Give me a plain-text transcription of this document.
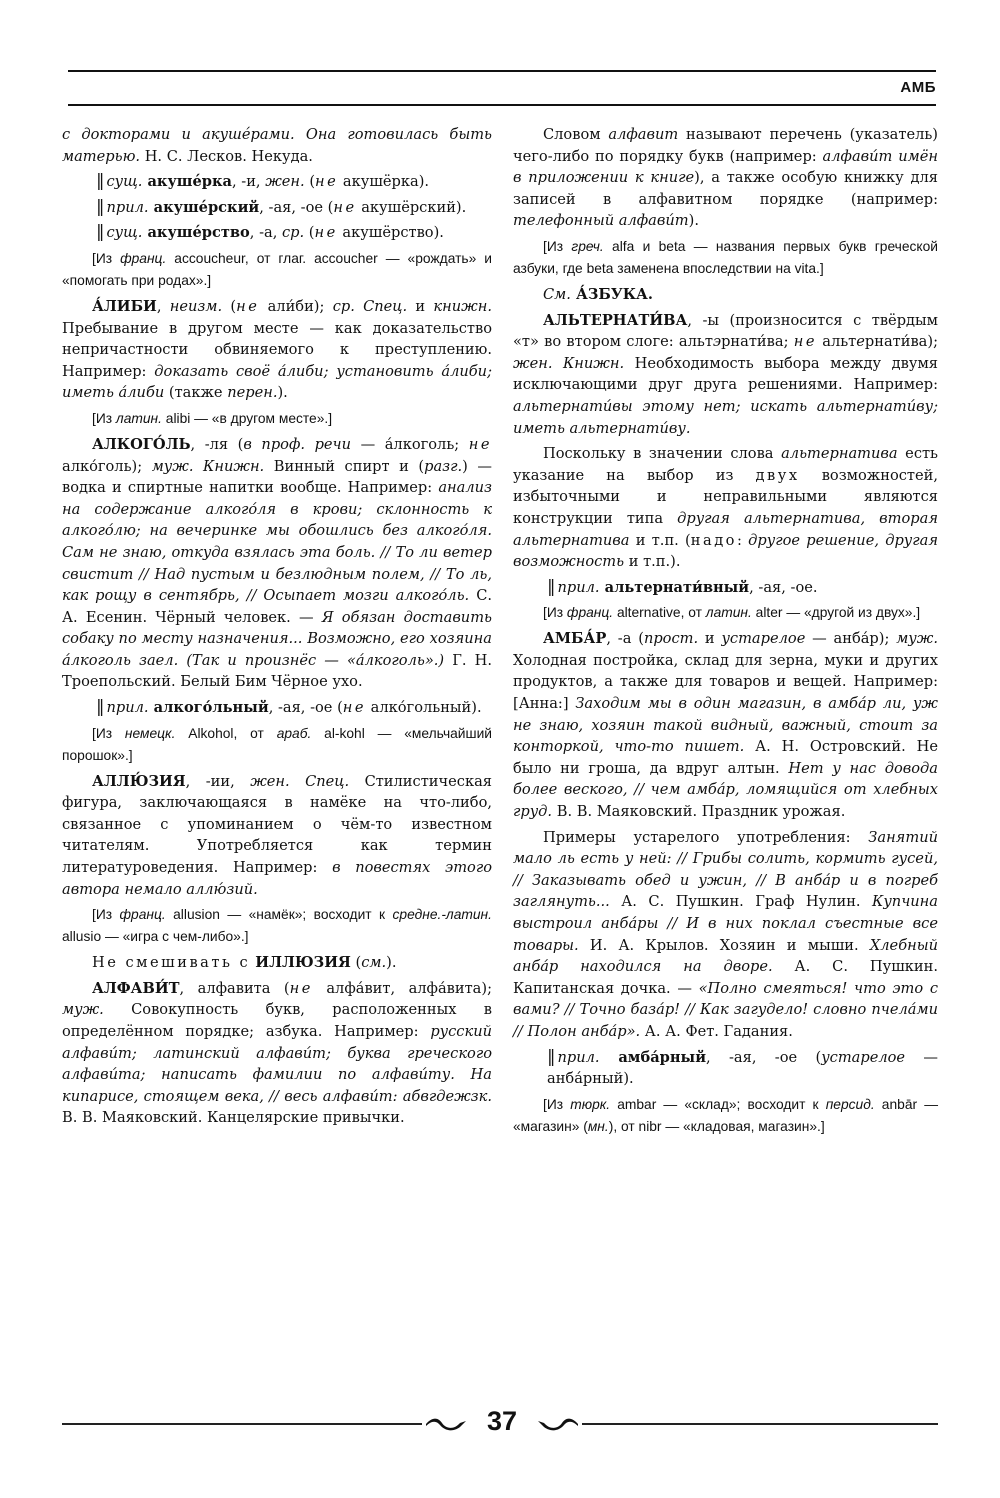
АМБ

с докторами и акушéрами. Она готовилась быть матерью. Н. С. Лесков. Некуда.

‖ сущ. акушéрка, -и, жен. (не акушёрка).

‖ прил. акушéрский, -ая, -ое (не акушёрский).

‖ сущ. акушéрство, -а, ср. (не акушёрство).

[Из франц. accoucheur, от глаг. accoucher — «рождать» и «помогать при родах».]

А́ЛИБИ, неизм. (не али́би); ср. Спец. и книжн. Пребывание в другом месте — как доказательство непричастности обвиняемого к преступлению. Например: доказать своё а́либи; установить а́либи; иметь а́либи (также перен.).

[Из латин. alibi — «в другом месте».]

АЛКОГО́ЛЬ, -ля (в проф. речи — а́лкоголь; не алко́голь); муж. Книжн. Винный спирт и (разг.) — водка и спиртные напитки вообще. Например: анализ на содержание алкого́ля в крови; склонность к алкого́лю; на вечеринке мы обошлись без алкого́ля. Сам не знаю, откуда взялась эта боль. // То ли ветер свистит // Над пустым и безлюдным полем, // То ль, как рощу в сентябрь, // Осыпает мозги алкого́ль. С. А. Есенин. Чёрный человек. — Я обязан доставить собаку по месту назначения... Возможно, его хозяина а́лкоголь заел. (Так и произнёс — «а́лкоголь».) Г. Н. Троепольский. Белый Бим Чёрное ухо.

‖ прил. алкого́льный, -ая, -ое (не алко́гольный).

[Из немецк. Alkohol, от араб. al-kohl — «мельчайший порошок».]

АЛЛЮ́ЗИЯ, -ии, жен. Спец. Стилистическая фигура, заключающаяся в намёке на что-либо, связанное с упоминанием о чём-то известном читателям. Употребляется как термин литературоведения. Например: в повестях этого автора немало аллю́зий.

[Из франц. allusion — «намёк»; восходит к средне.-латин. allusio — «игра с чем-либо».]

Не смешивать с ИЛЛЮЗИЯ (см.).

АЛФАВИ́Т, алфавита (не алфа́вит, алфа́вита); муж. Совокупность букв, расположенных в определённом порядке; азбука. Например: русский алфави́т; латинский алфави́т; буква греческого алфави́та; написать фамилии по алфави́ту. На кипарисе, стоящем века, // весь алфави́т: абвгдежзк. В. В. Маяковский. Канцелярские привычки.

Словом алфавит называют перечень (указатель) чего-либо по порядку букв (например: алфави́т имён в приложении к книге), а также особую книжку для записей в алфавитном порядке (например: телефонный алфави́т).

[Из греч. alfa и beta — названия первых букв греческой азбуки, где beta заменена впоследствии на vita.]

См. А́ЗБУКА.

АЛЬТЕРНАТИ́ВА, -ы (произносится с твёрдым «т» во втором слоге: альтэрнати́ва; не альтернати́ва); жен. Книжн. Необходимость выбора между двумя исключающими друг друга решениями. Например: альтернати́вы этому нет; искать альтернати́ву; иметь альтернати́ву.

Поскольку в значении слова альтернатива есть указание на выбор из двух возможностей, избыточными и неправильными являются конструкции типа другая альтернатива, вторая альтернатива и т.п. (надо: другое решение, другая возможность и т.п.).

‖ прил. альтернати́вный, -ая, -ое.

[Из франц. alternative, от латин. alter — «другой из двух».]

АМБА́Р, -а (прост. и устарелое — анба́р); муж. Холодная постройка, склад для зерна, муки и других продуктов, а также для товаров и вещей. Например: [Анна:] Заходим мы в один магазин, в амба́р ли, уж не знаю, хозяин такой видный, важный, стоит за конторкой, что-то пишет. А. Н. Островский. Не было ни гроша, да вдруг алтын. Нет у нас довода более веского, // чем амба́р, ломящийся от хлебных груд. В. В. Маяковский. Праздник урожая.

Примеры устарелого употребления: Занятий мало ль есть у ней: // Грибы солить, кормить гусей, // Заказывать обед и ужин, // В анба́р и в погреб заглянуть... А. С. Пушкин. Граф Нулин. Купчина выстроил анба́ры // И в них поклал съестные все товары. И. А. Крылов. Хозяин и мыши. Хлебный анба́р находился на дворе. А. С. Пушкин. Капитанская дочка. — «Полно смеяться! что это с вами? // Точно база́р! // Как загудело! словно пчела́ми // Полон анба́р». А. А. Фет. Гадания.

‖ прил. амба́рный, -ая, -ое (устарелое — анба́рный).

[Из тюрк. ambar — «склад»; восходит к персид. anbār — «магазин» (мн.), от nibr — «кладовая, магазин».]

37
